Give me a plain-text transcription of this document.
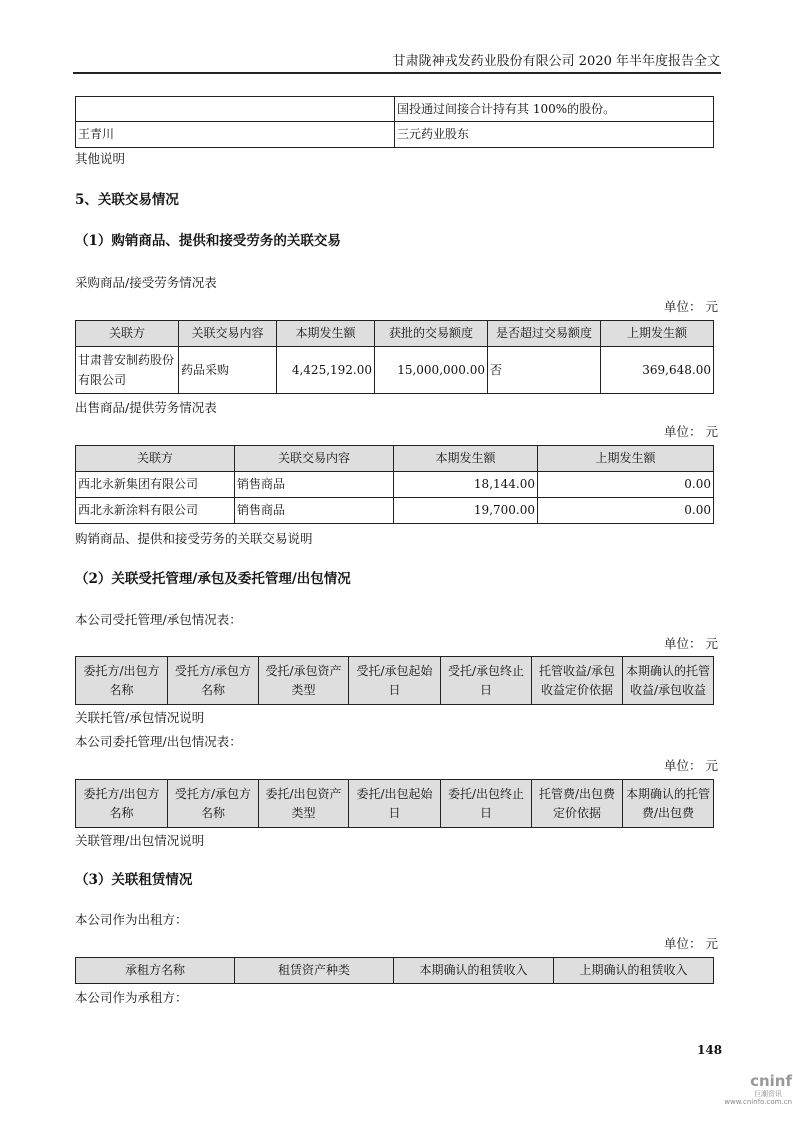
甘肃陇神戎发药业股份有限公司 2020 年半年度报告全文
	国投通过间接合计持有其 100%的股份。
王青川	三元药业股东
其他说明
5、关联交易情况
（1）购销商品、提供和接受劳务的关联交易
采购商品/接受劳务情况表
单位： 元
关联方	关联交易内容	本期发生额	获批的交易额度	是否超过交易额度	上期发生额
甘肃普安制药股份有限公司	药品采购	4,425,192.00	15,000,000.00	否	369,648.00
出售商品/提供劳务情况表
单位： 元
关联方	关联交易内容	本期发生额	上期发生额
西北永新集团有限公司	销售商品	18,144.00	0.00
西北永新涂料有限公司	销售商品	19,700.00	0.00
购销商品、提供和接受劳务的关联交易说明
（2）关联受托管理/承包及委托管理/出包情况
本公司受托管理/承包情况表：
单位： 元
委托方/出包方名称	受托方/承包方名称	受托/承包资产类型	受托/承包起始日	受托/承包终止日	托管收益/承包收益定价依据	本期确认的托管收益/承包收益
关联托管/承包情况说明
本公司委托管理/出包情况表：
单位： 元
委托方/出包方名称	受托方/承包方名称	委托/出包资产类型	委托/出包起始日	委托/出包终止日	托管费/出包费定价依据	本期确认的托管费/出包费
关联管理/出包情况说明
（3）关联租赁情况
本公司作为出租方：
单位： 元
承租方名称	租赁资产种类	本期确认的租赁收入	上期确认的租赁收入
本公司作为承租方：
148
cninf
巨潮资讯
www.cninfo.com.cn
